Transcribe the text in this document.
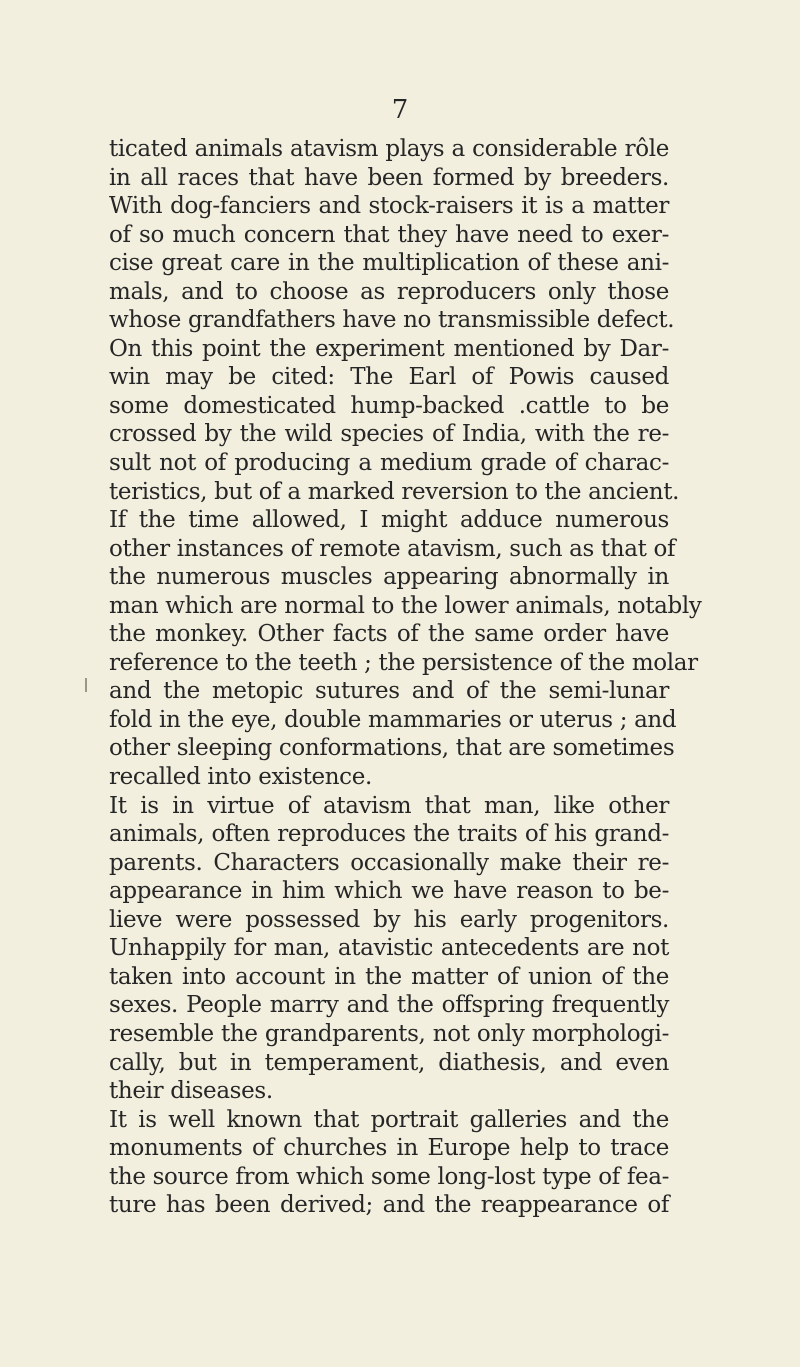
7
ticated animals atavism plays a considerable rôle
in all races that have been formed by breeders.
With dog-fanciers and stock-raisers it is a matter
of so much concern that they have need to exer-
cise great care in the multiplication of these ani-
mals, and to choose as reproducers only those
whose grandfathers have no transmissible defect.
On this point the experiment mentioned by Dar-
win may be cited: The Earl of Powis caused
some domesticated hump-backed .cattle to be
crossed by the wild species of India, with the re-
sult not of producing a medium grade of charac-
teristics, but of a marked reversion to the ancient.
If the time allowed, I might adduce numerous
other instances of remote atavism, such as that of
the numerous muscles appearing abnormally in
man which are normal to the lower animals, notably
the monkey. Other facts of the same order have
reference to the teeth ; the persistence of the molar
and the metopic sutures and of the semi-lunar
fold in the eye, double mammaries or uterus ; and
other sleeping conformations, that are sometimes
recalled into existence.
It is in virtue of atavism that man, like other
animals, often reproduces the traits of his grand-
parents. Characters occasionally make their re-
appearance in him which we have reason to be-
lieve were possessed by his early progenitors.
Unhappily for man, atavistic antecedents are not
taken into account in the matter of union of the
sexes. People marry and the offspring frequently
resemble the grandparents, not only morphologi-
cally, but in temperament, diathesis, and even
their diseases.
It is well known that portrait galleries and the
monuments of churches in Europe help to trace
the source from which some long-lost type of fea-
ture has been derived; and the reappearance of
